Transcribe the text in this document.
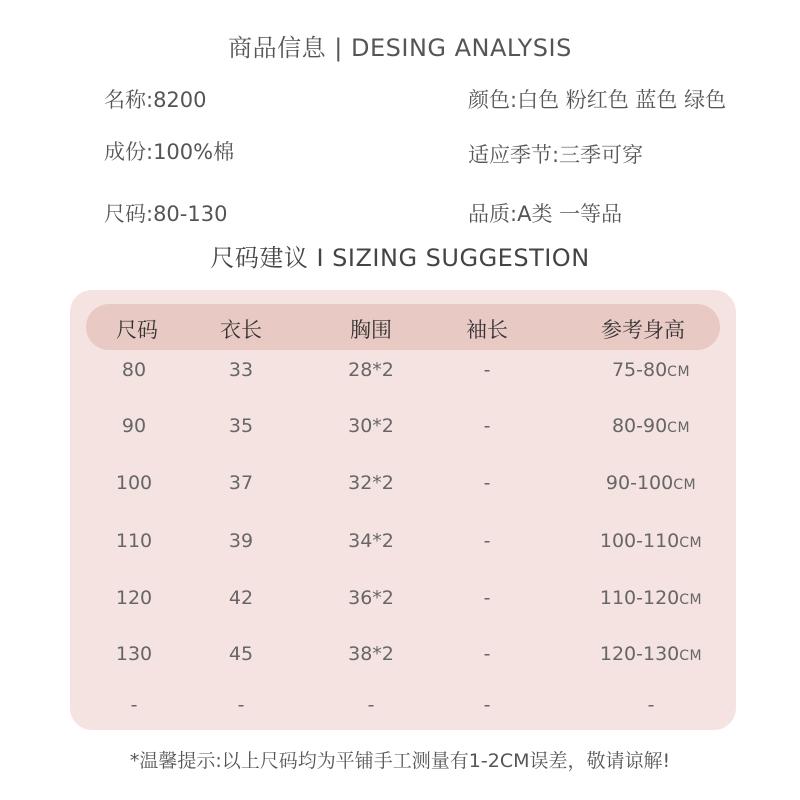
商品信息 | DESING ANALYSIS
名称:8200	颜色:白色 粉红色 蓝色 绿色
成份:100%棉	适应季节:三季可穿
尺码:80-130	品质:A类 一等品
尺码建议 I SIZING SUGGESTION
尺码	衣长	胸围	袖长	参考身高
80	33	28*2	-	75-80CM
90	35	30*2	-	80-90CM
100	37	32*2	-	90-100CM
110	39	34*2	-	100-110CM
120	42	36*2	-	110-120CM
130	45	38*2	-	120-130CM
-	-	-	-	-
*温馨提示:以上尺码均为平铺手工测量有1-2CM误差，敬请谅解!
